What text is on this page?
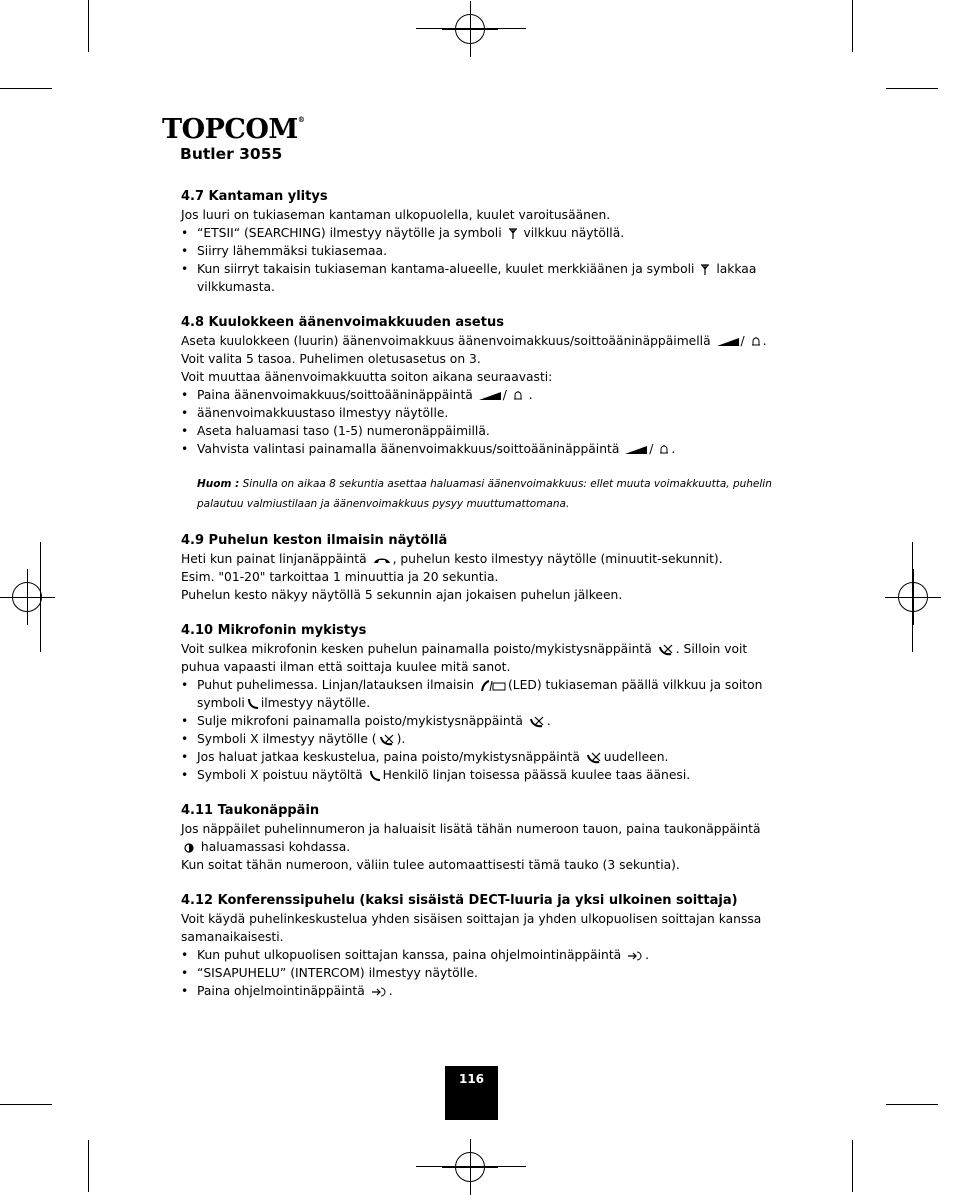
TOPCOM®
Butler 3055
4.7 Kantaman ylitys

Jos luuri on tukiaseman kantaman ulkopuolella, kuulet varoitusäänen.

• “ETSII“ (SEARCHING) ilmestyy näytölle ja symboli vilkkuu näytöllä.
• Siirry lähemmäksi tukiasemaa.
• Kun siirryt takaisin tukiaseman kantama-alueelle, kuulet merkkiäänen ja symboli lakkaa vilkkumasta.
4.8 Kuulokkeen äänenvoimakkuuden asetus

Aseta kuulokkeen (luurin) äänenvoimakkuus äänenvoimakkuus/soittoääninäppäimellä / . Voit valita 5 tasoa. Puhelimen oletusasetus on 3.

Voit muuttaa äänenvoimakkuutta soiton aikana seuraavasti:

• Paina äänenvoimakkuus/soittoääninäppäintä / .
• äänenvoimakkuustaso ilmestyy näytölle.
• Aseta haluamasi taso (1-5) numeronäppäimillä.
• Vahvista valintasi painamalla äänenvoimakkuus/soittoääninäppäintä / .
Huom : Sinulla on aikaa 8 sekuntia asettaa haluamasi äänenvoimakkuus: ellet muuta voimakkuutta, puhelin palautuu valmiustilaan ja äänenvoimakkuus pysyy muuttumattomana.
4.9 Puhelun keston ilmaisin näytöllä

Heti kun painat linjanäppäintä , puhelun kesto ilmestyy näytölle (minuutit-sekunnit).

Esim. "01-20" tarkoittaa 1 minuuttia ja 20 sekuntia.

Puhelun kesto näkyy näytöllä 5 sekunnin ajan jokaisen puhelun jälkeen.

4.10 Mikrofonin mykistys

Voit sulkea mikrofonin kesken puhelun painamalla poisto/mykistysnäppäintä . Silloin voit puhua vapaasti ilman että soittaja kuulee mitä sanot.

• Puhut puhelimessa. Linjan/latauksen ilmaisin	(LED) tukiaseman päällä vilkkuu ja soiton symboli ilmestyy näytölle.
• Sulje mikrofoni painamalla poisto/mykistysnäppäintä .
• Symboli X ilmestyy näytölle ( ).
• Jos haluat jatkaa keskustelua, paina poisto/mykistysnäppäintä uudelleen.
• Symboli X poistuu näytöltä Henkilö linjan toisessa päässä kuulee taas äänesi.
4.11 Taukonäppäin

Jos näppäilet puhelinnumeron ja haluaisit lisätä tähän numeroon tauon, paina taukonäppäintä  haluamassasi kohdassa.

Kun soitat tähän numeroon, väliin tulee automaattisesti tämä tauko (3 sekuntia).

4.12 Konferenssipuhelu (kaksi sisäistä DECT-luuria ja yksi ulkoinen soittaja)

Voit käydä puhelinkeskustelua yhden sisäisen soittajan ja yhden ulkopuolisen soittajan kanssa samanaikaisesti.

• Kun puhut ulkopuolisen soittajan kanssa, paina ohjelmointinäppäintä .
• “SISAPUHELU” (INTERCOM) ilmestyy näytölle.
• Paina ohjelmointinäppäintä .
116
